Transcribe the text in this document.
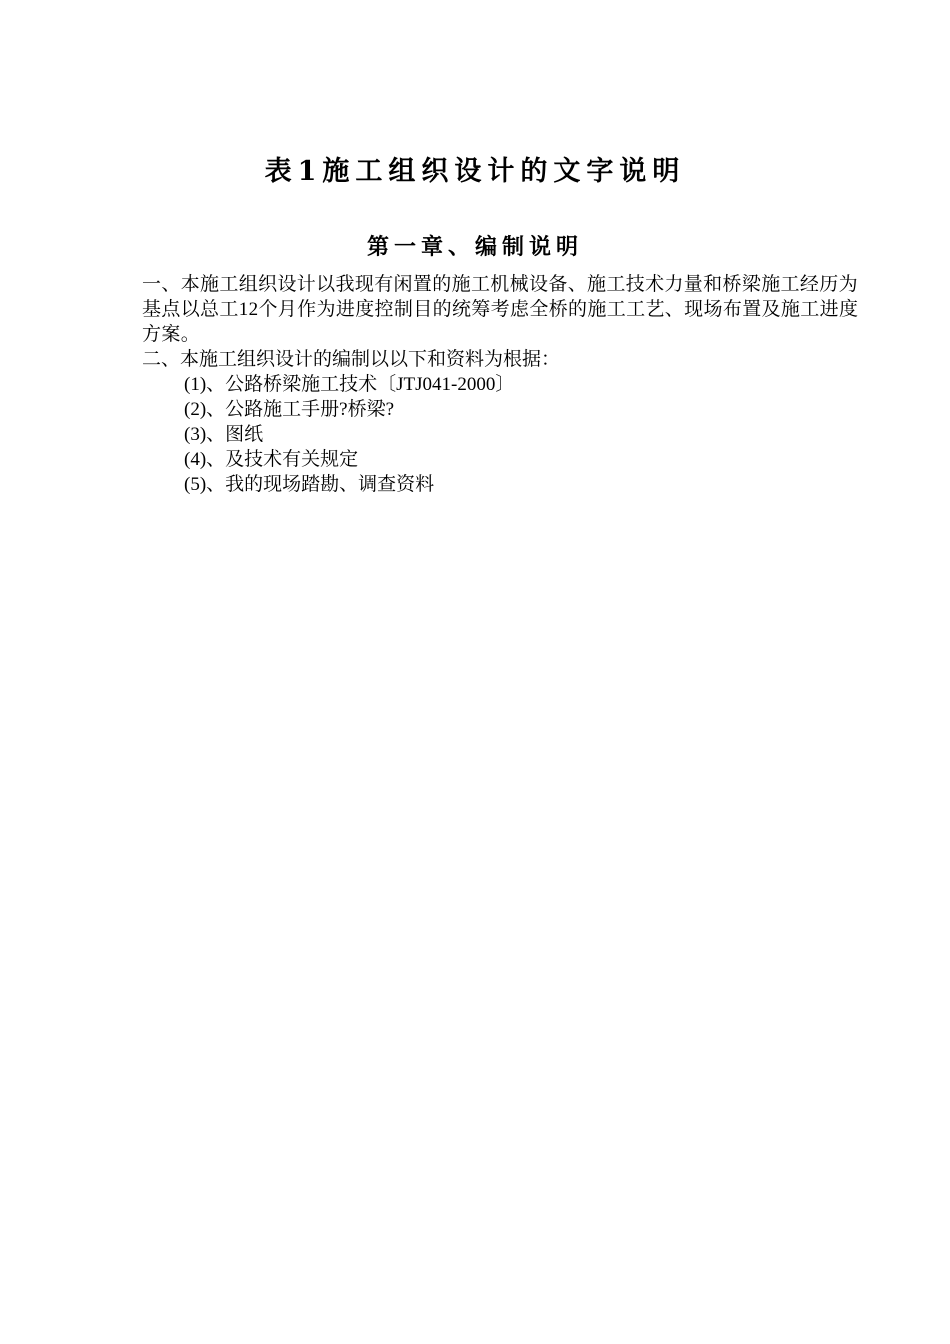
表1施工组织设计的文字说明
第一章、编制说明

一、本施工组织设计以我现有闲置的施工机械设备、施工技术力量和桥梁施工经历为基点以总工12个月作为进度控制目的统筹考虑全桥的施工工艺、现场布置及施工进度方案。

二、本施工组织设计的编制以以下和资料为根据：

(1)、公路桥梁施工技术〔JTJ041-2000〕
(2)、公路施工手册?桥梁?
(3)、图纸
(4)、及技术有关规定
(5)、我的现场踏勘、调查资料
